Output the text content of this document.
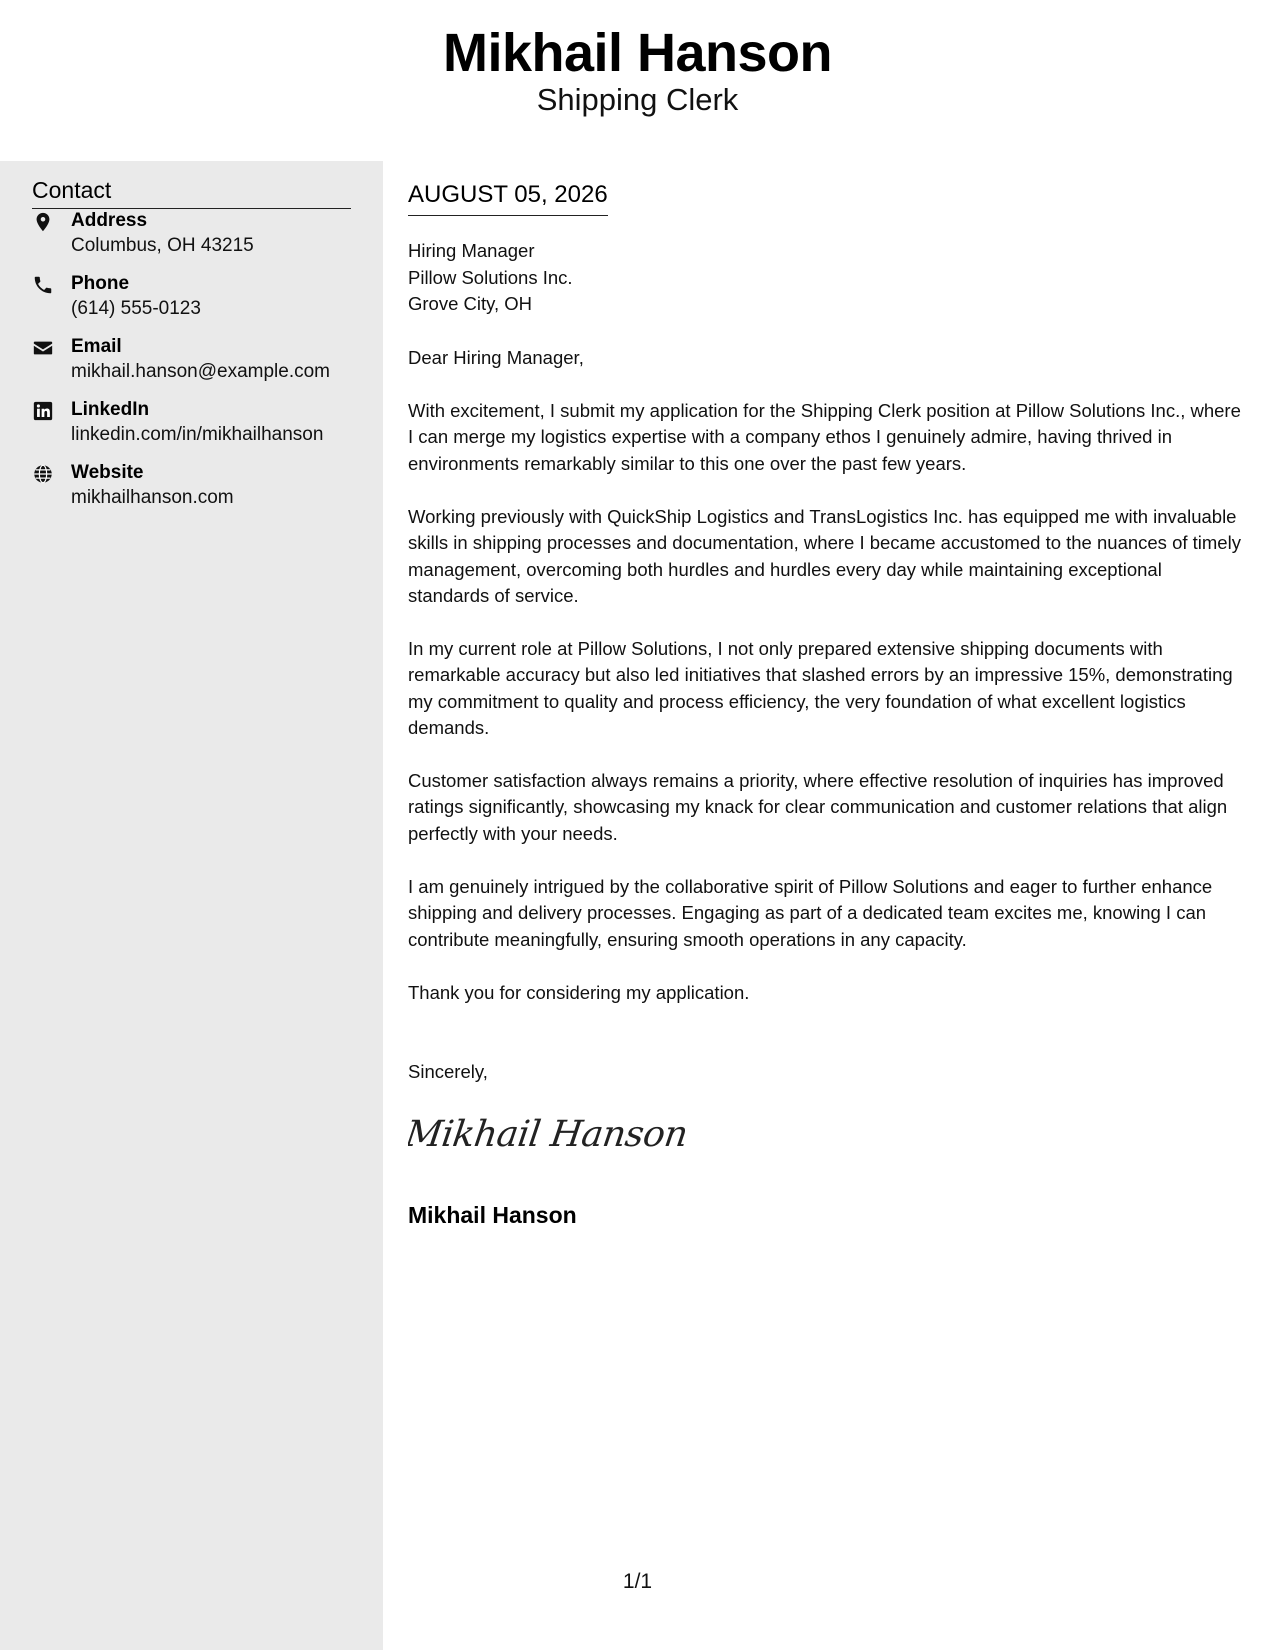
Mikhail Hanson
Shipping Clerk
Contact
Address
Columbus, OH 43215
Phone
(614) 555-0123
Email
mikhail.hanson@example.com
LinkedIn
linkedin.com/in/mikhailhanson
Website
mikhailhanson.com
AUGUST 05, 2026
Hiring Manager
Pillow Solutions Inc.
Grove City, OH

Dear Hiring Manager,

With excitement, I submit my application for the Shipping Clerk position at Pillow Solutions Inc., where I can merge my logistics expertise with a company ethos I genuinely admire, having thrived in environments remarkably similar to this one over the past few years.

Working previously with QuickShip Logistics and TransLogistics Inc. has equipped me with invaluable skills in shipping processes and documentation, where I became accustomed to the nuances of timely management, overcoming both hurdles and hurdles every day while maintaining exceptional standards of service.

In my current role at Pillow Solutions, I not only prepared extensive shipping documents with remarkable accuracy but also led initiatives that slashed errors by an impressive 15%, demonstrating my commitment to quality and process efficiency, the very foundation of what excellent logistics demands.

Customer satisfaction always remains a priority, where effective resolution of inquiries has improved ratings significantly, showcasing my knack for clear communication and customer relations that align perfectly with your needs.

I am genuinely intrigued by the collaborative spirit of Pillow Solutions and eager to further enhance shipping and delivery processes. Engaging as part of a dedicated team excites me, knowing I can contribute meaningfully, ensuring smooth operations in any capacity.

Thank you for considering my application.

Sincerely,

Mikhail Hanson
Mikhail Hanson
1/1
